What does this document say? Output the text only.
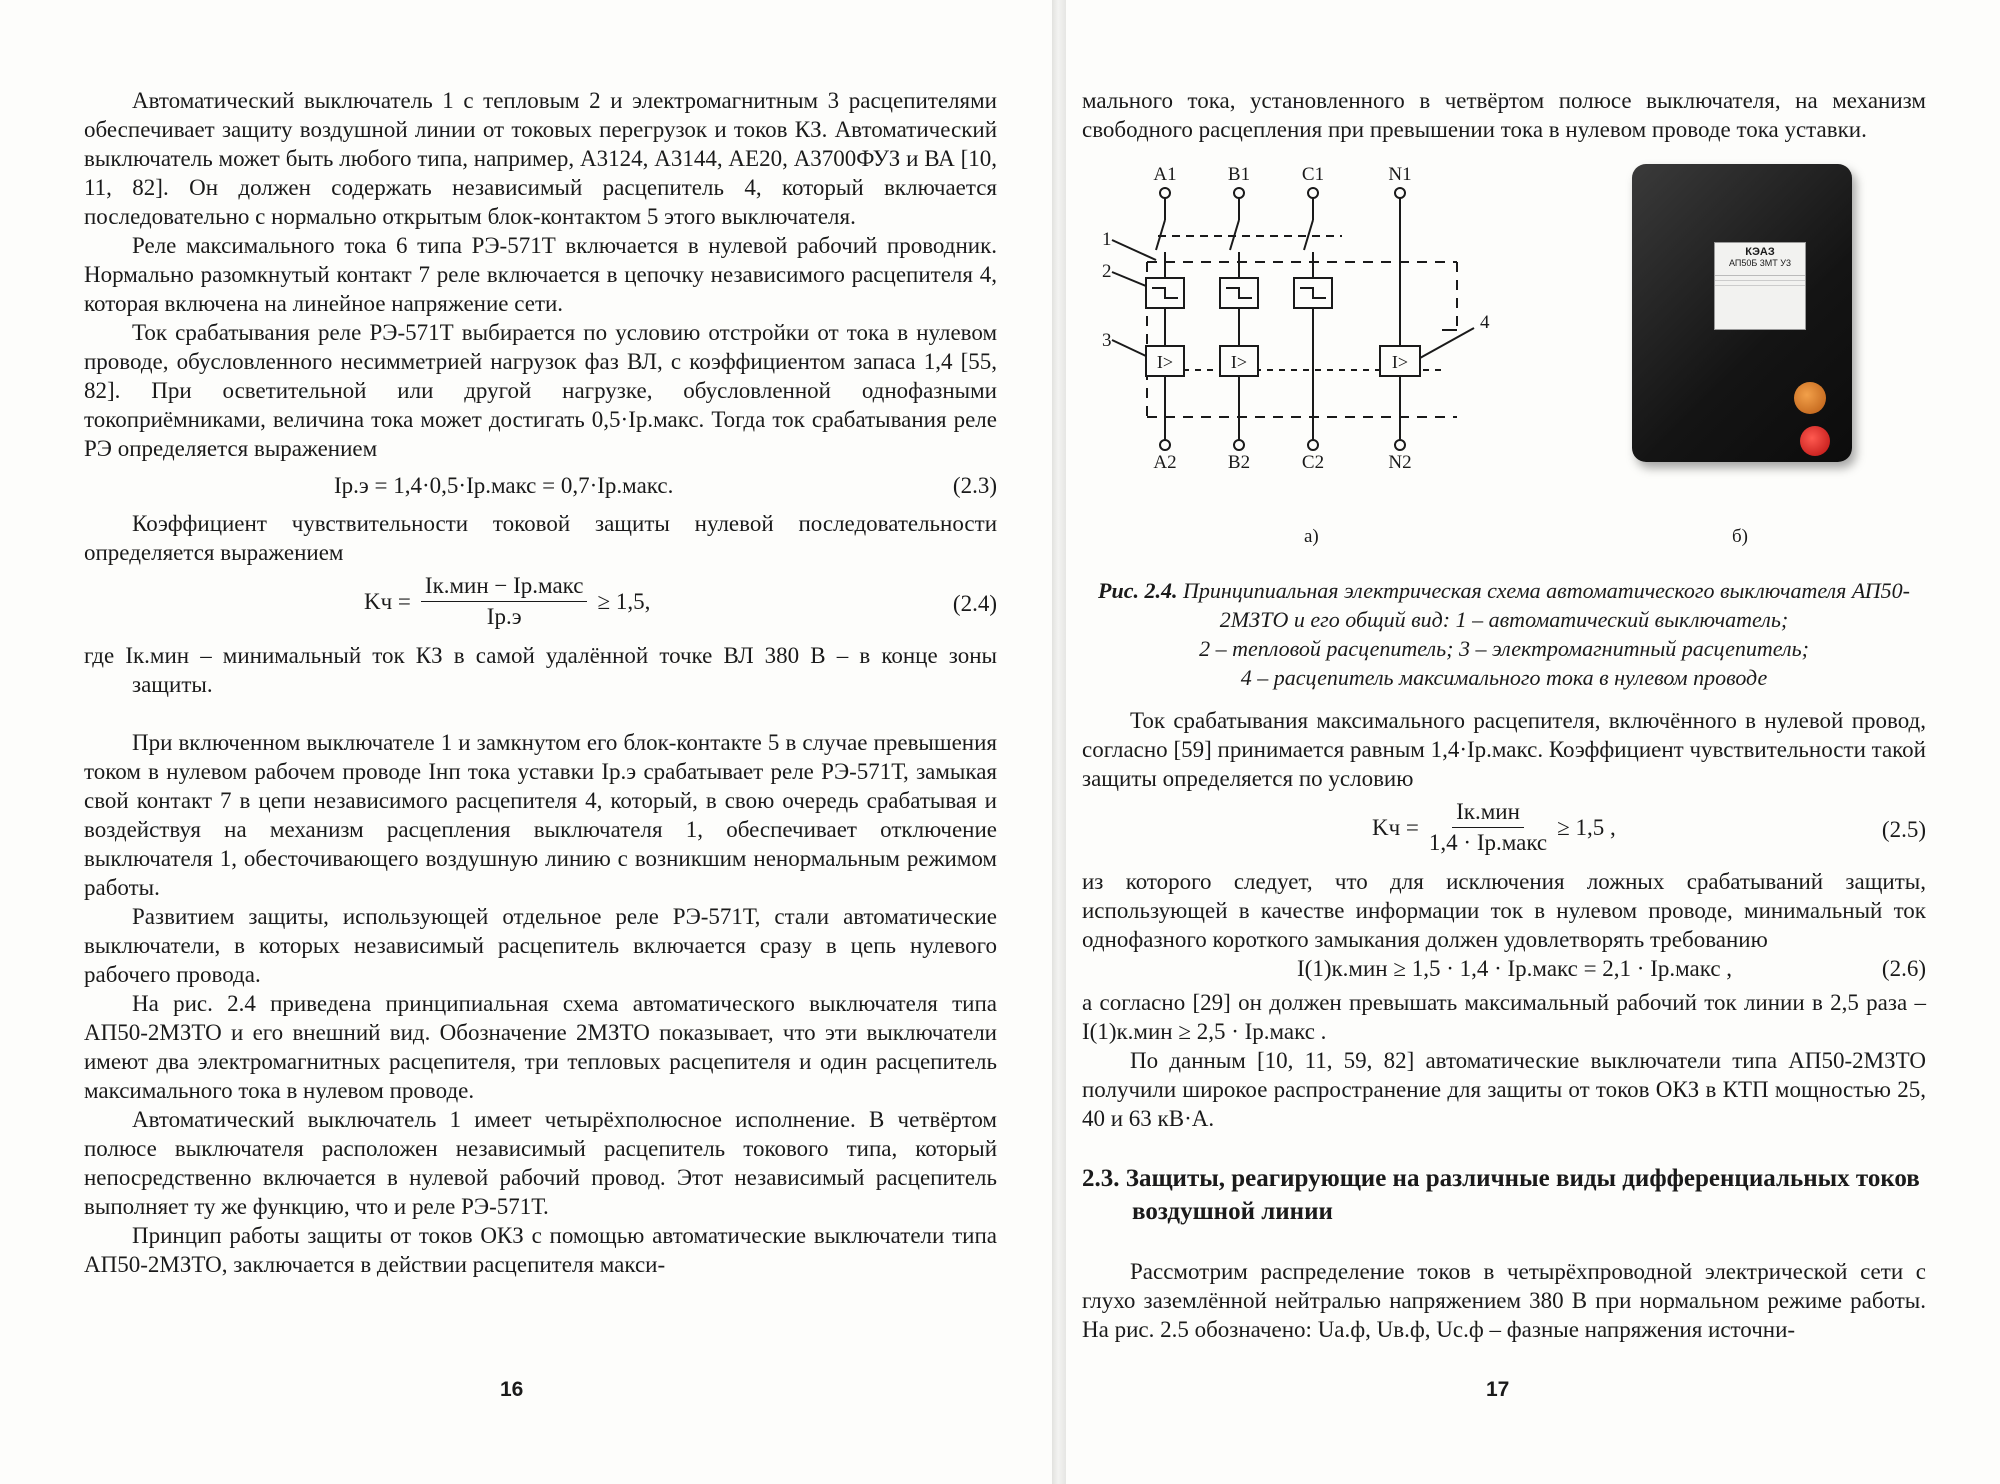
Автоматический выключатель 1 с тепловым 2 и электромагнитным 3 расцепителями обеспечивает защиту воздушной линии от токовых перегрузок и токов КЗ. Автоматический выключатель может быть любого типа, например, А3124, А3144, АЕ20, А3700ФУЗ и ВА [10, 11, 82]. Он должен содержать независимый расцепитель 4, который включается последовательно с нормально открытым блок-контактом 5 этого выключателя.

Реле максимального тока 6 типа РЭ-571Т включается в нулевой рабочий проводник. Нормально разомкнутый контакт 7 реле включается в цепочку независимого расцепителя 4, которая включена на линейное напряжение сети.

Ток срабатывания реле РЭ-571Т выбирается по условию отстройки от тока в нулевом проводе, обусловленного несимметрией нагрузок фаз ВЛ, с коэффициентом запаса 1,4 [55, 82]. При осветительной или другой нагрузке, обусловленной однофазными токоприёмниками, величина тока может достигать 0,5·Iр.макс. Тогда ток срабатывания реле РЭ определяется выражением

Iр.э = 1,4·0,5·Iр.макс = 0,7·Iр.макс.	(2.3)

Коэффициент чувствительности токовой защиты нулевой последовательности определяется выражением

Kч = $\frac{\text{Iк.мин − Iр.макс}}{Iр.э} \ge 1,5$,	(2.4)

где Iк.мин – минимальный ток КЗ в самой удалённой точке ВЛ 380 В – в конце зоны защиты.

При включенном выключателе 1 и замкнутом его блок-контакте 5 в случае превышения током в нулевом рабочем проводе Iнп тока уставки Iр.э срабатывает реле РЭ-571Т, замыкая свой контакт 7 в цепи независимого расцепителя 4, который, в свою очередь срабатывая и воздействуя на механизм расцепления выключателя 1, обеспечивает отключение выключателя 1, обесточивающего воздушную линию с возникшим ненормальным режимом работы.

Развитием защиты, использующей отдельное реле РЭ-571Т, стали автоматические выключатели, в которых независимый расцепитель включается сразу в цепь нулевого рабочего провода.

На рис. 2.4 приведена принципиальная схема автоматического выключателя типа АП50-2МЗТО и его внешний вид. Обозначение 2МЗТО показывает, что эти выключатели имеют два электромагнитных расцепителя, три тепловых расцепителя и один расцепитель максимального тока в нулевом проводе.

Автоматический выключатель 1 имеет четырёхполюсное исполнение. В четвёртом полюсе выключателя расположен независимый расцепитель токового типа, который непосредственно включается в нулевой рабочий провод. Этот независимый расцепитель выполняет ту же функцию, что и реле РЭ-571Т.

Принцип работы защиты от токов ОКЗ с помощью автоматические выключатели типа АП50-2МЗТО, заключается в действии расцепителя макси-

16

мального тока, установленного в четвёртом полюсе выключателя, на механизм свободного расцепления при превышении тока в нулевом проводе тока уставки.

A1	B1	C1	N1
A2	B2	C2	N2
1
2
3
4
I>	I>	I>
КЭАЗ
АП50Б 3МТ У3
а)	б)
Рис. 2.4. Принципиальная электрическая схема автоматического выключателя АП50-2МЗТО и его общий вид: 1 – автоматический выключатель;
2 – тепловой расцепитель; 3 – электромагнитный расцепитель;
4 – расцепитель максимального тока в нулевом проводе

Ток срабатывания максимального расцепителя, включённого в нулевой провод, согласно [59] принимается равным 1,4·Iр.макс. Коэффициент чувствительности такой защиты определяется по условию

Kч = $\frac{\text{Iк.мин}}{\text{1,4 · Iр.макс}} \ge 1,5$ ,	(2.5)

из которого следует, что для исключения ложных срабатываний защиты, использующей в качестве информации ток в нулевом проводе, минимальный ток однофазного короткого замыкания должен удовлетворять требованию

I(1)к.мин ≥ 1,5 · 1,4 · Iр.макс = 2,1 · Iр.макс ,	(2.6)

а согласно [29] он должен превышать максимальный рабочий ток линии в 2,5 раза – I(1)к.мин ≥ 2,5 · Iр.макс .

По данным [10, 11, 59, 82] автоматические выключатели типа АП50-2МЗТО получили широкое распространение для защиты от токов ОКЗ в КТП мощностью 25, 40 и 63 кВ·А.

2.3. Защиты, реагирующие на различные виды дифференциальных токов воздушной линии

Рассмотрим распределение токов в четырёхпроводной электрической сети с глухо заземлённой нейтралью напряжением 380 В при нормальном режиме работы. На рис. 2.5 обозначено: Uа.ф, Uв.ф, Uс.ф – фазные напряжения источни-

17
